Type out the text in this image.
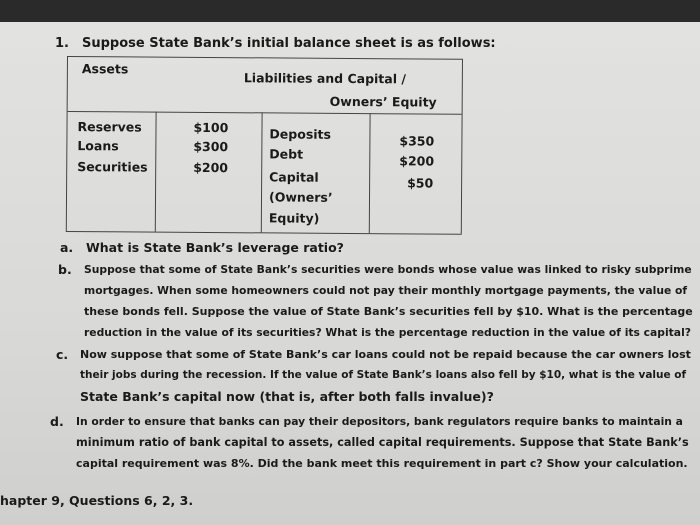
1. Suppose State Bank’s initial balance sheet is as follows:
Assets
Liabilities and Capital /
Owners’ Equity
Reserves
Loans
Securities
$100
$300
$200
Deposits
Debt
Capital
(Owners’
Equity)
$350
$200
$50
a. What is State Bank’s leverage ratio?
b. Suppose that some of State Bank’s securities were bonds whose value was linked to risky subprime
mortgages. When some homeowners could not pay their monthly mortgage payments, the value of
these bonds fell. Suppose the value of State Bank’s securities fell by $10. What is the percentage
reduction in the value of its securities? What is the percentage reduction in the value of its capital?
c. Now suppose that some of State Bank’s car loans could not be repaid because the car owners lost
their jobs during the recession. If the value of State Bank’s loans also fell by $10, what is the value of
State Bank’s capital now (that is, after both falls invalue)?
d. In order to ensure that banks can pay their depositors, bank regulators require banks to maintain a
minimum ratio of bank capital to assets, called capital requirements. Suppose that State Bank’s
capital requirement was 8%. Did the bank meet this requirement in part c? Show your calculation.
hapter 9, Questions 6, 2, 3.
